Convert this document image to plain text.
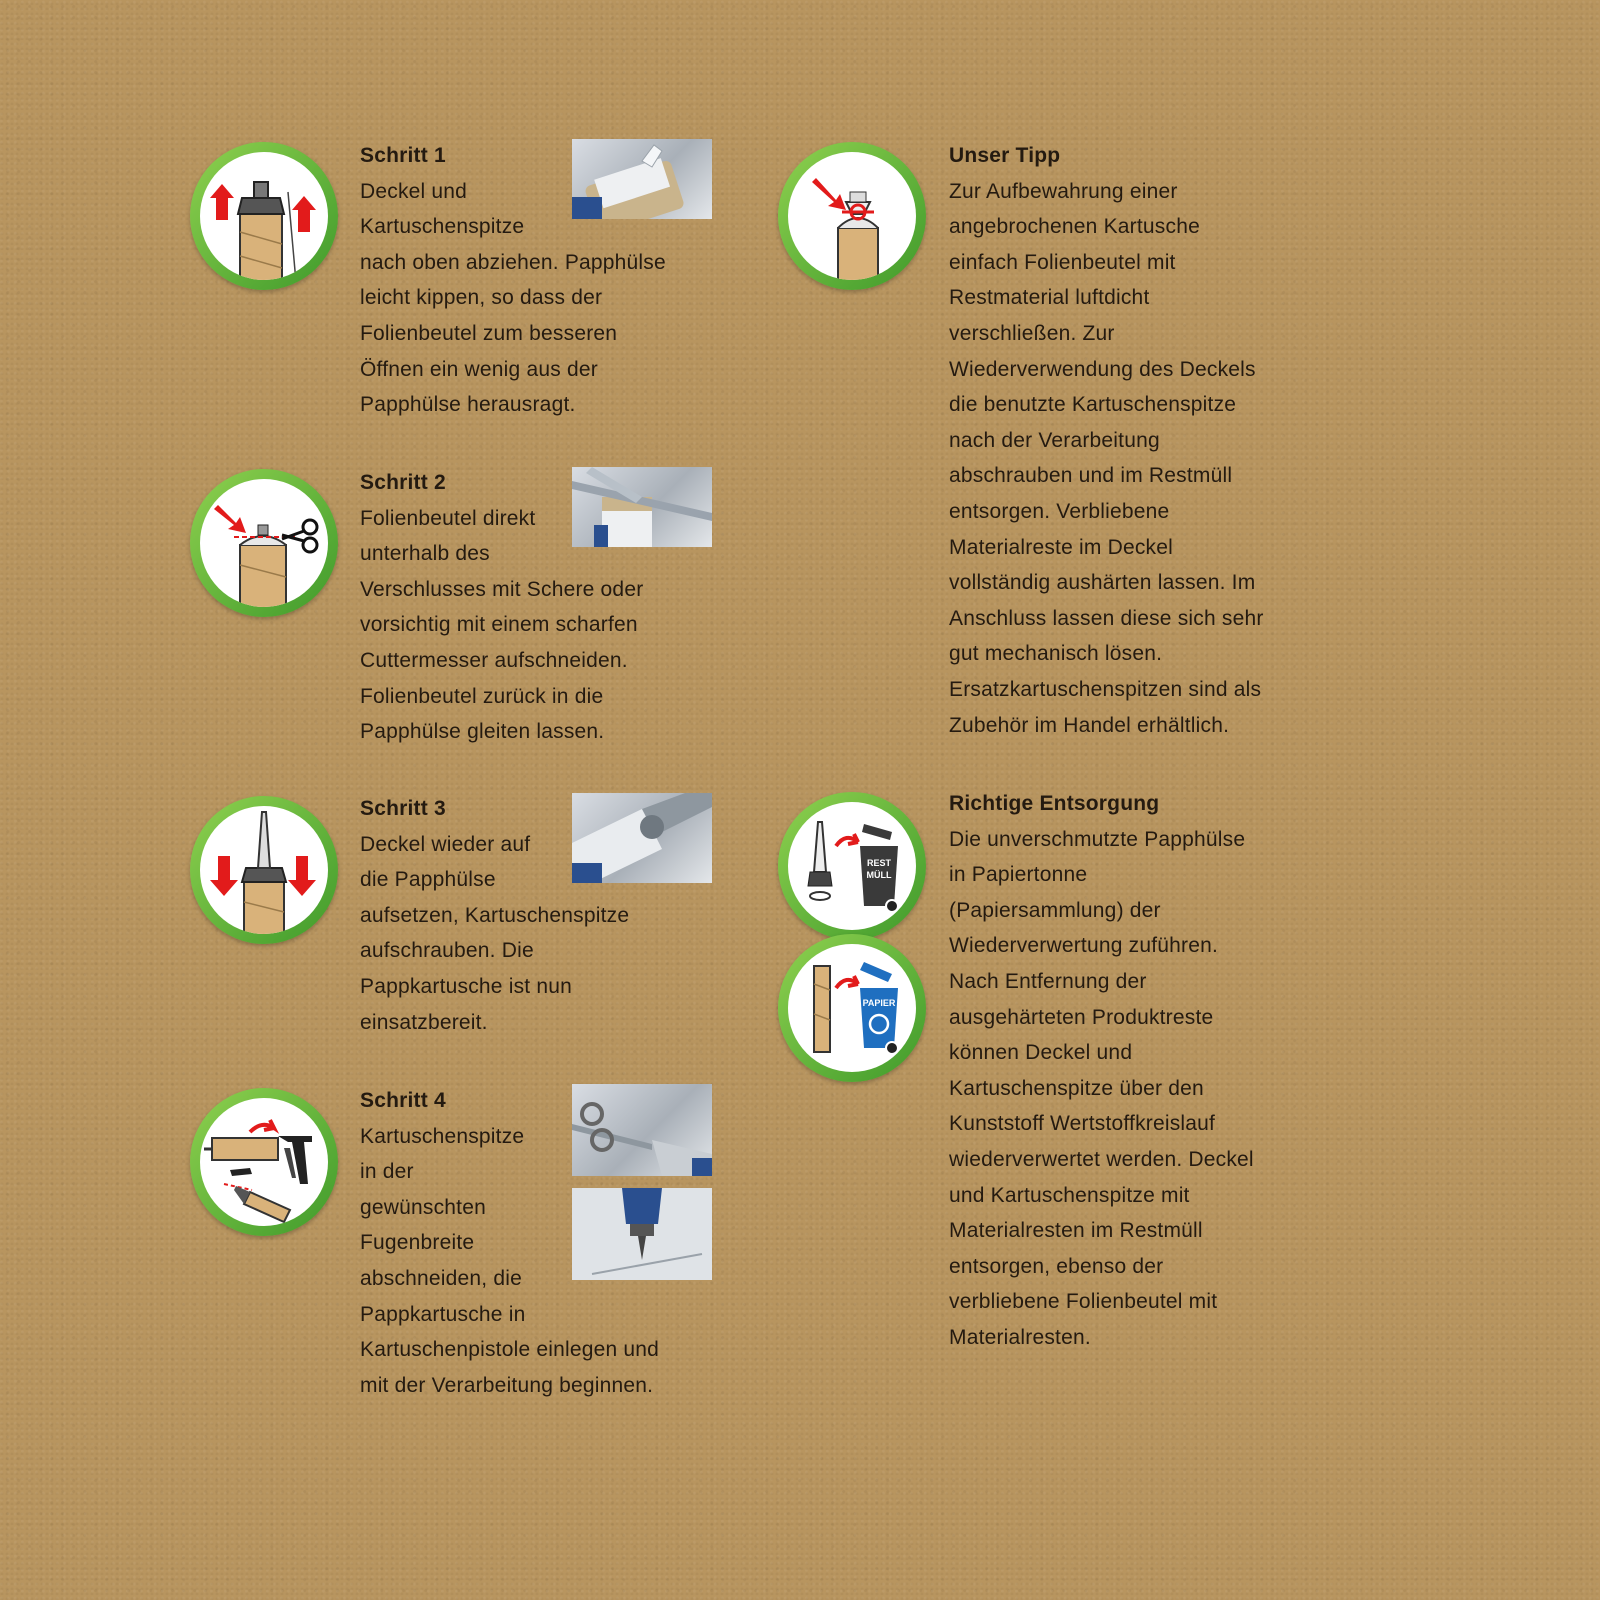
Schritt 1
Deckel und
Kartuschenspitze
nach oben abziehen. Papphülse
leicht kippen, so dass der
Folienbeutel zum besseren
Öffnen ein wenig aus der
Papphülse herausragt.
Schritt 2
Folienbeutel direkt
unterhalb des
Verschlusses mit Schere oder
vorsichtig mit einem scharfen
Cuttermesser aufschneiden.
Folienbeutel zurück in die
Papphülse gleiten lassen.
Schritt 3
Deckel wieder auf
die Papphülse
aufsetzen, Kartuschenspitze
aufschrauben. Die
Pappkartusche ist nun
einsatzbereit.
Schritt 4
Kartuschenspitze
in der
gewünschten
Fugenbreite
abschneiden, die
Pappkartusche in
Kartuschenpistole einlegen und
mit der Verarbeitung beginnen.
Unser Tipp
Zur Aufbewahrung einer
angebrochenen Kartusche
einfach Folienbeutel mit
Restmaterial luftdicht
verschließen. Zur
Wiederverwendung des Deckels
die benutzte Kartuschenspitze
nach der Verarbeitung
abschrauben und im Restmüll
entsorgen. Verbliebene
Materialreste im Deckel
vollständig aushärten lassen. Im
Anschluss lassen diese sich sehr
gut mechanisch lösen.
Ersatzkartuschenspitzen sind als
Zubehör im Handel erhältlich.
REST
MÜLL
PAPIER
Richtige Entsorgung
Die unverschmutzte Papphülse
in Papiertonne
(Papiersammlung) der
Wiederverwertung zuführen.
Nach Entfernung der
ausgehärteten Produktreste
können Deckel und
Kartuschenspitze über den
Kunststoff Wertstoffkreislauf
wiederverwertet werden. Deckel
und Kartuschenspitze mit
Materialresten im Restmüll
entsorgen, ebenso der
verbliebene Folienbeutel mit
Materialresten.
